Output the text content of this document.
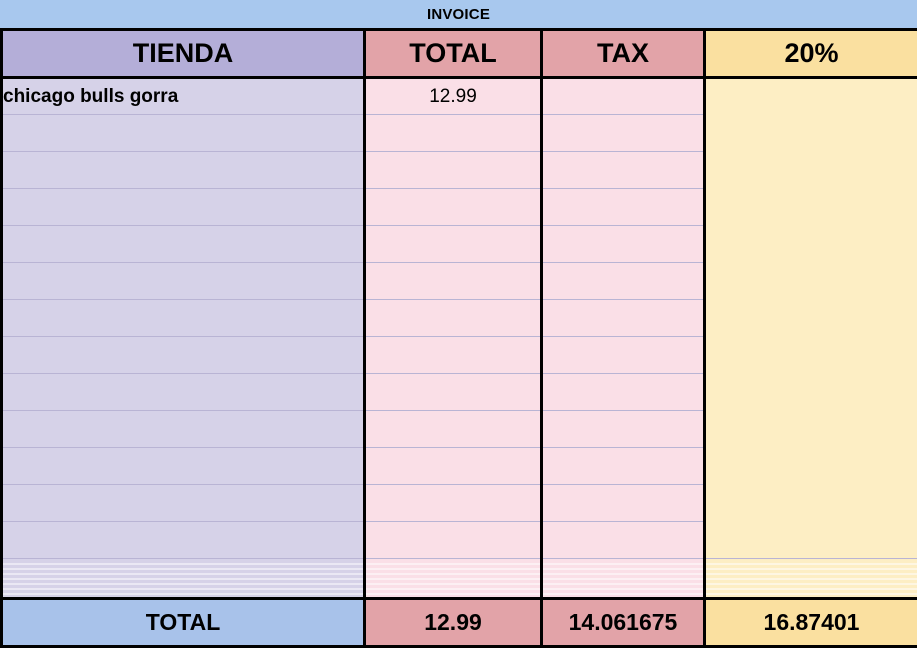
INVOICE
TIENDA	TOTAL	TAX	20%
chicago bulls gorra	12.99		

TOTAL	12.99	14.061675	16.87401
